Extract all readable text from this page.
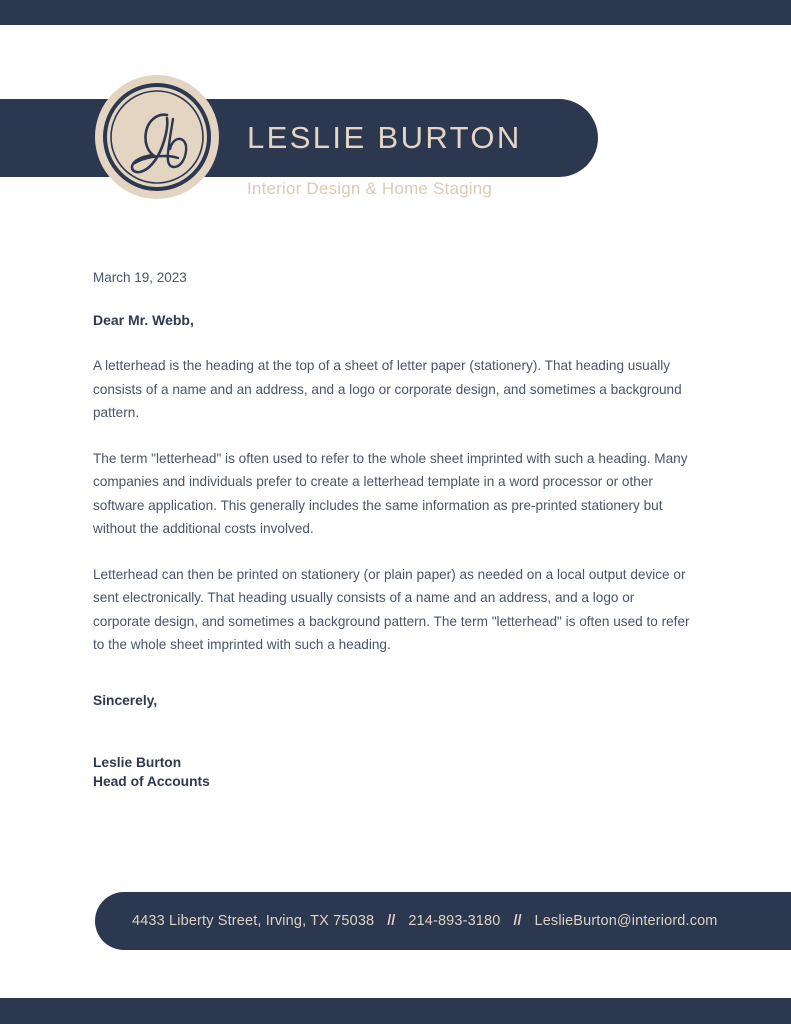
LESLIE BURTON
Interior Design & Home Staging

March 19, 2023

Dear Mr. Webb,

A letterhead is the heading at the top of a sheet of letter paper (stationery). That heading usually consists of a name and an address, and a logo or corporate design, and sometimes a background pattern.

The term "letterhead" is often used to refer to the whole sheet imprinted with such a heading. Many companies and individuals prefer to create a letterhead template in a word processor or other software application. This generally includes the same information as pre-printed stationery but without the additional costs involved.

Letterhead can then be printed on stationery (or plain paper) as needed on a local output device or sent electronically. That heading usually consists of a name and an address, and a logo or corporate design, and sometimes a background pattern. The term "letterhead" is often used to refer to the whole sheet imprinted with such a heading.

Sincerely,

Leslie Burton

Head of Accounts

4433 Liberty Street, Irving, TX 75038 // 214-893-3180 // LeslieBurton@interiord.com
